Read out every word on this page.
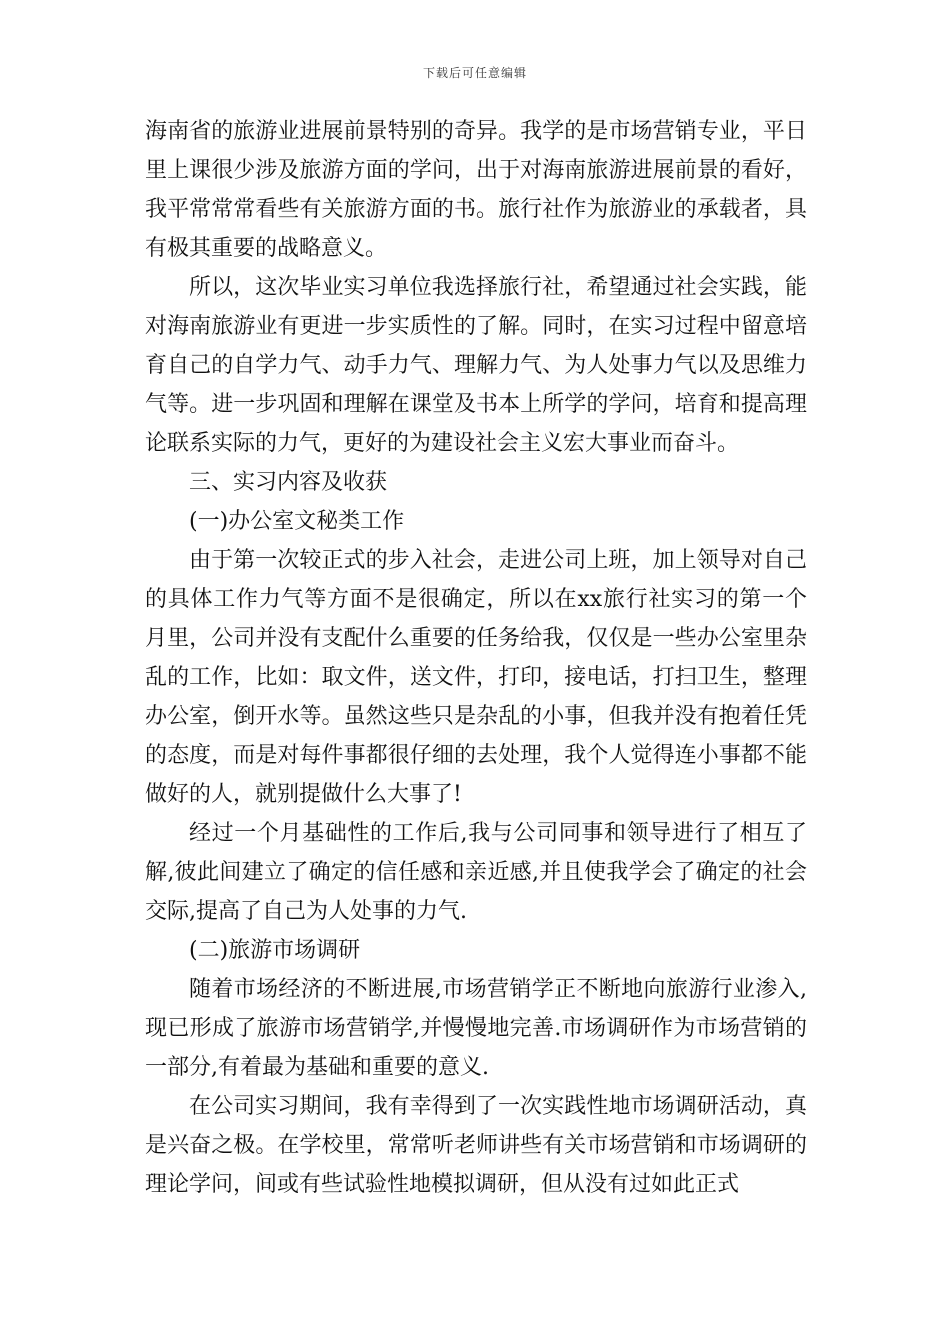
下载后可任意编辑

海南省的旅游业进展前景特别的奇异。我学的是市场营销专业，平日里上课很少涉及旅游方面的学问，出于对海南旅游进展前景的看好，我平常常常看些有关旅游方面的书。旅行社作为旅游业的承载者，具有极其重要的战略意义。

所以，这次毕业实习单位我选择旅行社，希望通过社会实践，能对海南旅游业有更进一步实质性的了解。同时，在实习过程中留意培育自己的自学力气、动手力气、理解力气、为人处事力气以及思维力气等。进一步巩固和理解在课堂及书本上所学的学问，培育和提高理论联系实际的力气，更好的为建设社会主义宏大事业而奋斗。

三、实习内容及收获

(一)办公室文秘类工作

由于第一次较正式的步入社会，走进公司上班，加上领导对自己的具体工作力气等方面不是很确定，所以在xx旅行社实习的第一个月里，公司并没有支配什么重要的任务给我，仅仅是一些办公室里杂乱的工作，比如：取文件，送文件，打印，接电话，打扫卫生，整理办公室，倒开水等。虽然这些只是杂乱的小事，但我并没有抱着任凭的态度，而是对每件事都很仔细的去处理，我个人觉得连小事都不能做好的人，就别提做什么大事了!

经过一个月基础性的工作后,我与公司同事和领导进行了相互了解,彼此间建立了确定的信任感和亲近感,并且使我学会了确定的社会交际,提高了自己为人处事的力气.

(二)旅游市场调研

随着市场经济的不断进展,市场营销学正不断地向旅游行业渗入,现已形成了旅游市场营销学,并慢慢地完善.市场调研作为市场营销的一部分,有着最为基础和重要的意义.

在公司实习期间，我有幸得到了一次实践性地市场调研活动，真是兴奋之极。在学校里，常常听老师讲些有关市场营销和市场调研的理论学问，间或有些试验性地模拟调研，但从没有过如此正式
